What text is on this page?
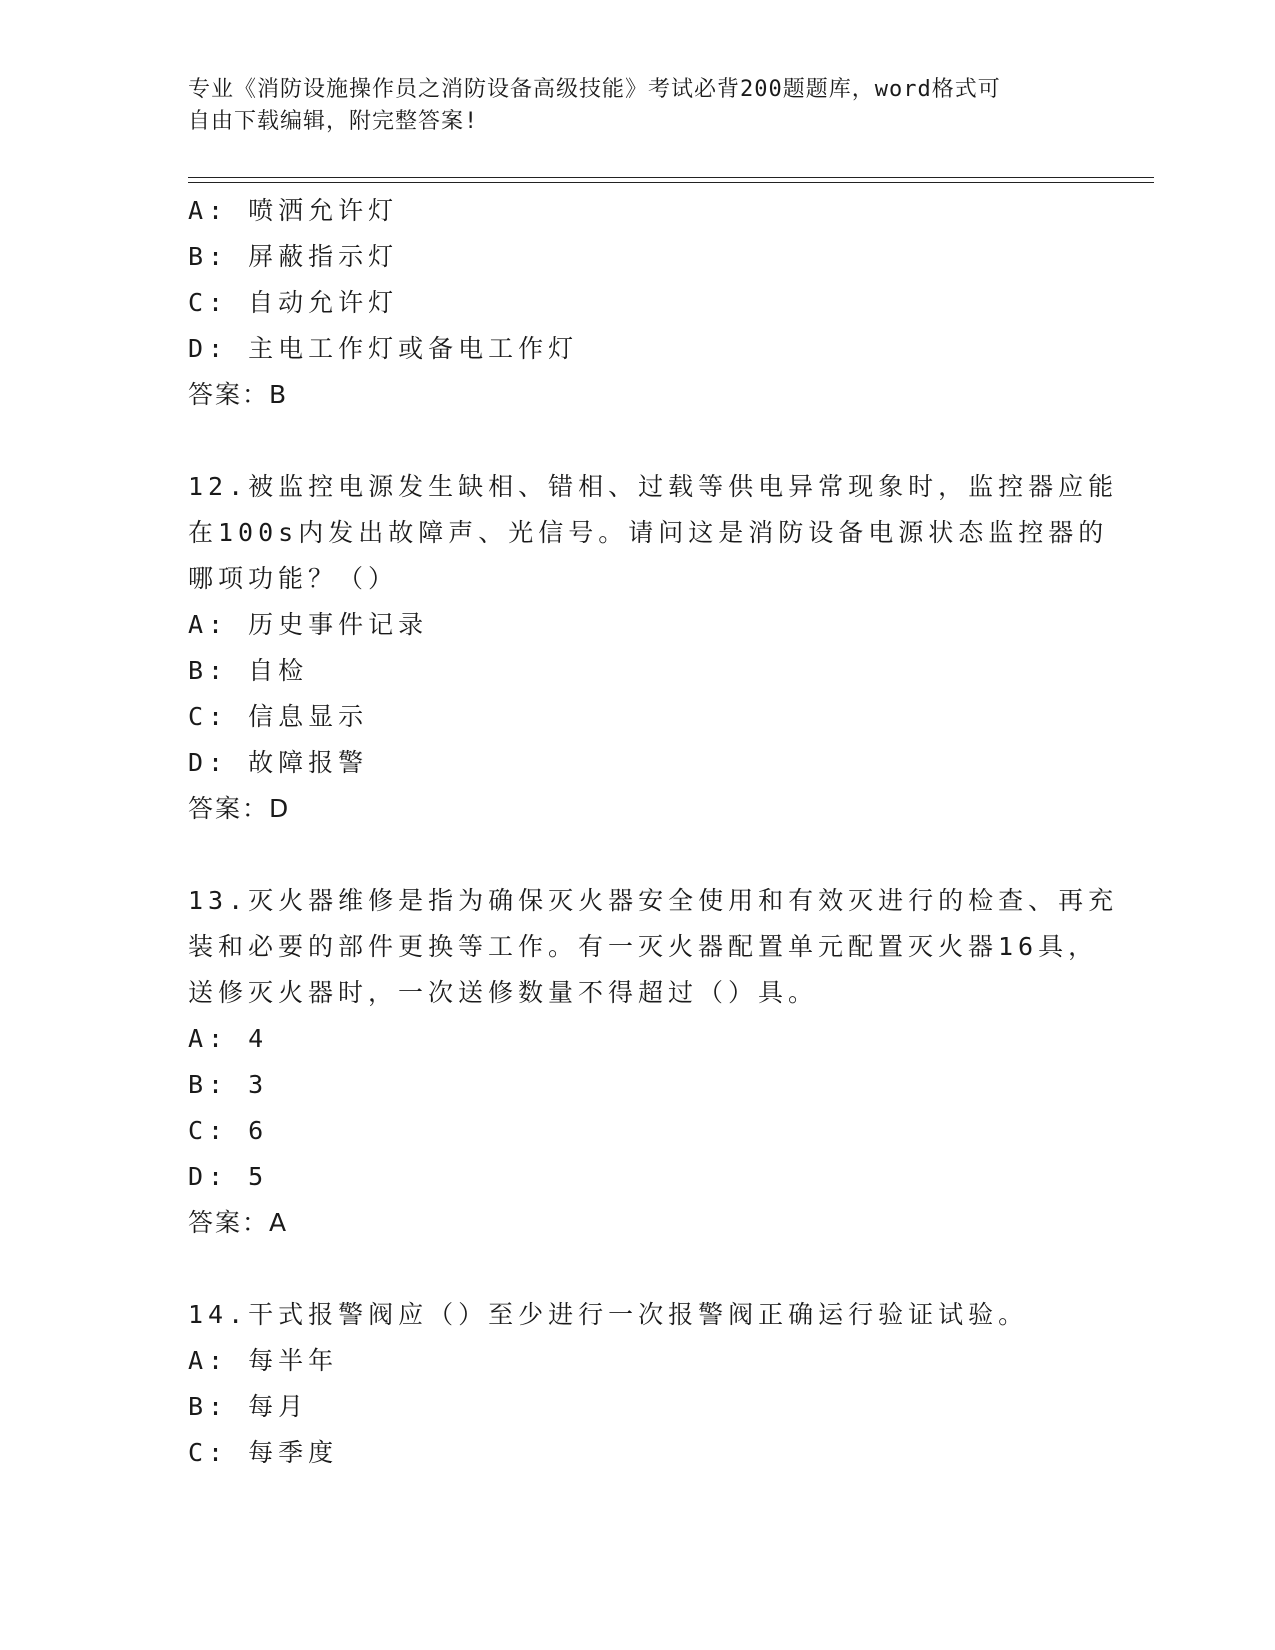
专业《消防设施操作员之消防设备高级技能》考试必背200题题库，word格式可
自由下载编辑，附完整答案!
A: 喷洒允许灯
B: 屏蔽指示灯
C: 自动允许灯
D: 主电工作灯或备电工作灯
答案：B
12.被监控电源发生缺相、错相、过载等供电异常现象时，监控器应能
在100s内发出故障声、光信号。请问这是消防设备电源状态监控器的
哪项功能？（）
A: 历史事件记录
B: 自检
C: 信息显示
D: 故障报警
答案：D
13.灭火器维修是指为确保灭火器安全使用和有效灭进行的检查、再充
装和必要的部件更换等工作。有一灭火器配置单元配置灭火器16具，
送修灭火器时，一次送修数量不得超过（）具。
A: 4
B: 3
C: 6
D: 5
答案：A
14.干式报警阀应（）至少进行一次报警阀正确运行验证试验。
A: 每半年
B: 每月
C: 每季度
